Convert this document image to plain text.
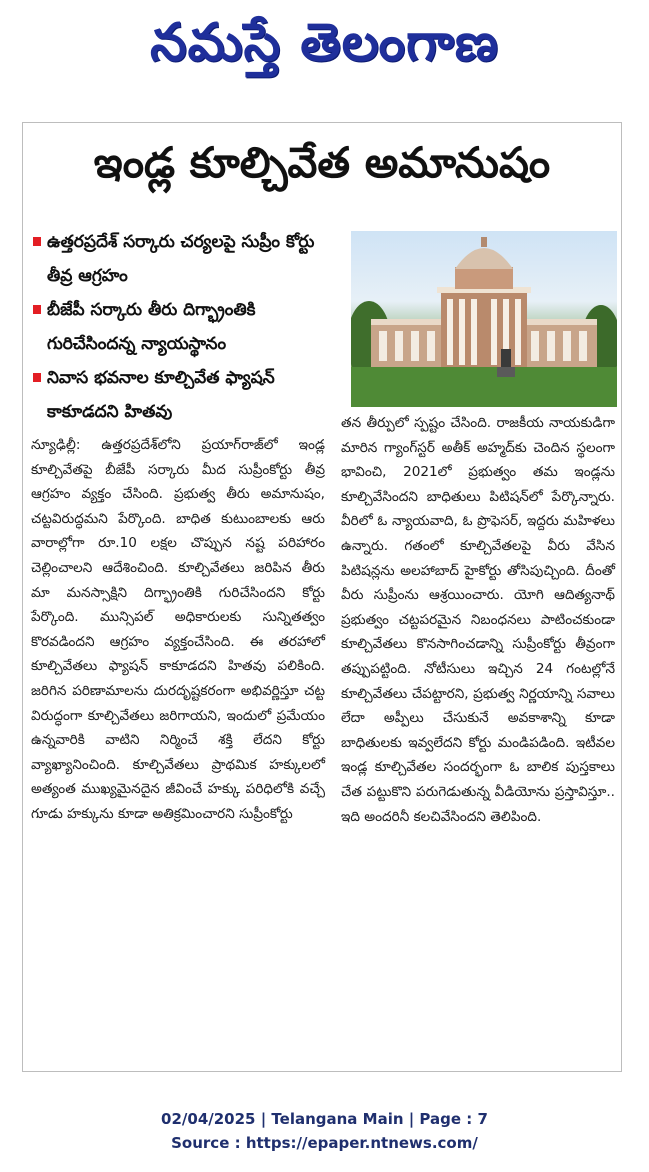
నమస్తే తెలంగాణ
ఇండ్ల కూల్చివేత అమానుషం
ఉత్తరప్రదేశ్ సర్కారు చర్యలపై సుప్రీం కోర్టు తీవ్ర ఆగ్రహం
బీజేపీ సర్కారు తీరు దిగ్భ్రాంతికి గురిచేసిందన్న న్యాయస్థానం
నివాస భవనాల కూల్చివేత ఫ్యాషన్ కాకూడదని హితవు
న్యూఢిల్లీ: ఉత్తరప్రదేశ్‌లోని ప్రయాగ్‌రాజ్‌లో ఇండ్ల కూల్చివేతపై బీజేపీ సర్కారు మీద సుప్రీంకోర్టు తీవ్ర ఆగ్రహం వ్యక్తం చేసింది. ప్రభుత్వ తీరు అమానుషం, చట్టవిరుద్ధమని పేర్కొంది. బాధిత కుటుంబాలకు ఆరు వారాల్లోగా రూ.10 లక్షల చొప్పున నష్ట పరిహారం చెల్లించాలని ఆదేశించింది. కూల్చివేతలు జరిపిన తీరు మా మనస్సాక్షిని దిగ్భ్రాంతికి గురిచేసిందని కోర్టు పేర్కొంది. మున్సిపల్ అధికారులకు సున్నితత్వం కొరవడిందని ఆగ్రహం వ్యక్తంచేసింది. ఈ తరహాలో కూల్చివేతలు ఫ్యాషన్ కాకూడదని హితవు పలికింది. జరిగిన పరిణామాలను దురదృష్టకరంగా అభివర్ణిస్తూ చట్ట విరుద్ధంగా కూల్చివేతలు జరిగాయని, ఇందులో ప్రమేయం ఉన్నవారికి వాటిని నిర్మించే శక్తి లేదని కోర్టు వ్యాఖ్యానించింది. కూల్చివేతలు ప్రాథమిక హక్కులలో అత్యంత ముఖ్యమైనదైన జీవించే హక్కు పరిధిలోకి వచ్చే గూడు హక్కును కూడా అతిక్రమించారని సుప్రీంకోర్టు
తన తీర్పులో స్పష్టం చేసింది. రాజకీయ నాయకుడిగా మారిన గ్యాంగ్‌స్టర్ అతీక్ అహ్మద్‌కు చెందిన స్థలంగా భావించి, 2021లో ప్రభుత్వం తమ ఇండ్లను కూల్చివేసిందని బాధితులు పిటిషన్‌లో పేర్కొన్నారు. వీరిలో ఓ న్యాయవాది, ఓ ప్రొఫెసర్, ఇద్దరు మహిళలు ఉన్నారు. గతంలో కూల్చివేతలపై వీరు వేసిన పిటిషన్లను అలహాబాద్ హైకోర్టు తోసిపుచ్చింది. దీంతో వీరు సుప్రీంను ఆశ్రయించారు. యోగి ఆదిత్యనాథ్ ప్రభుత్వం చట్టపరమైన నిబంధనలు పాటించకుండా కూల్చివేతలు కొనసాగించడాన్ని సుప్రీంకోర్టు తీవ్రంగా తప్పుపట్టింది. నోటీసులు ఇచ్చిన 24 గంటల్లోనే కూల్చివేతలు చేపట్టారని, ప్రభుత్వ నిర్ణయాన్ని సవాలు లేదా అప్పీలు చేసుకునే అవకాశాన్ని కూడా బాధితులకు ఇవ్వలేదని కోర్టు మండిపడింది. ఇటీవల ఇండ్ల కూల్చివేతల సందర్భంగా ఓ బాలిక పుస్తకాలు చేత పట్టుకొని పరుగెడుతున్న వీడియోను ప్రస్తావిస్తూ.. ఇది అందరినీ కలచివేసిందని తెలిపింది.
02/04/2025 | Telangana Main | Page : 7
Source : https://epaper.ntnews.com/
